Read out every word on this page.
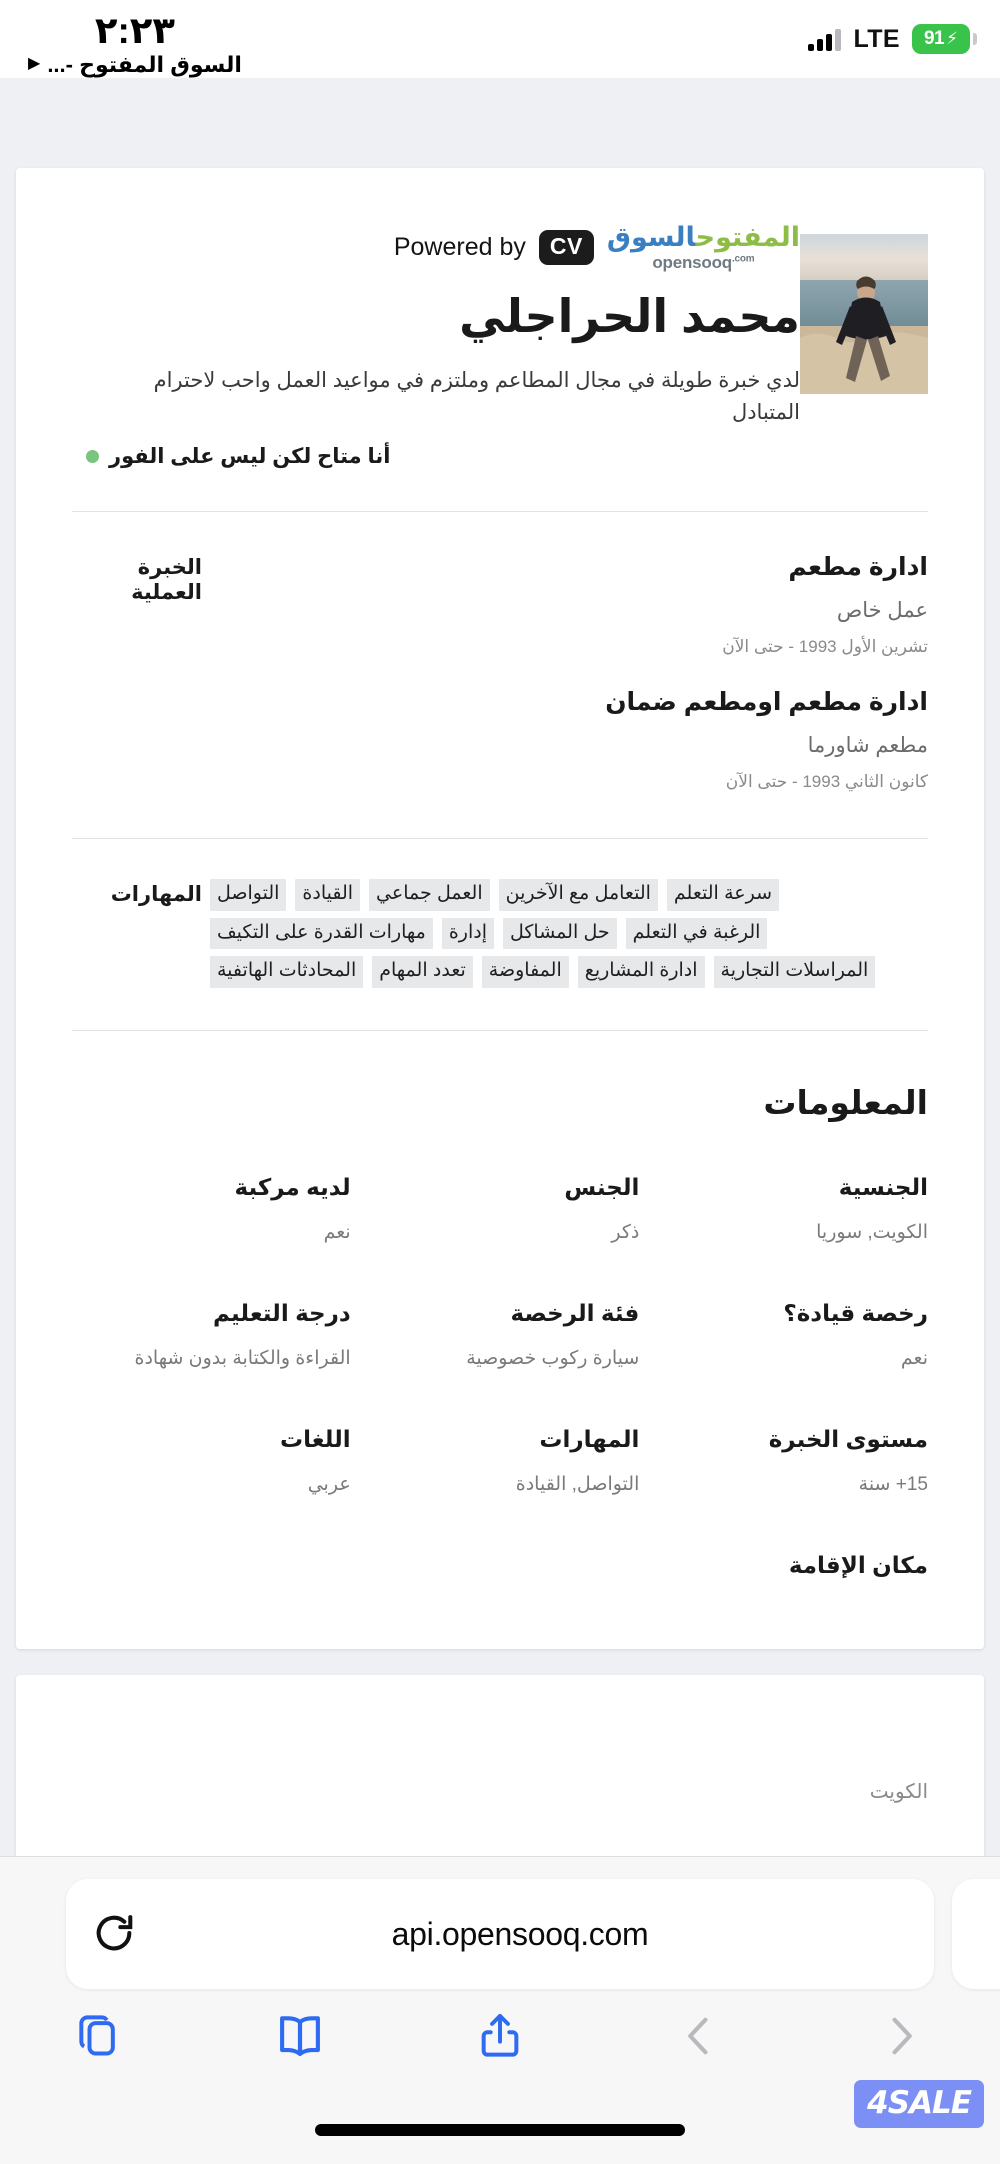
⚡
91
LTE
٢:٢٣
السوق المفتوح -...
▶
Powered by CV	المفتوحالسوق
opensooq$^{.com}$
محمد الحراجلي
لدي خبرة طويلة في مجال المطاعم وملتزم في مواعيد العمل واحب لاحترام المتبادل
أنا متاح لكن ليس على الفور
الخبرة العملية
ادارة مطعم
عمل خاص
تشرين الأول 1993 - حتى الآن
ادارة مطعم اومطعم ضمان
مطعم شاورما
كانون الثاني 1993 - حتى الآن
المهارات	سرعة التعلم
التعامل مع الآخرين
العمل جماعي
القيادة
التواصل
الرغبة في التعلم
حل المشاكل
إدارة
مهارات القدرة على التكيف
المراسلات التجارية
ادارة المشاريع
المفاوضة
تعدد المهام
المحادثات الهاتفية
المعلومات
الجنسية
الكويت, سوريا
الجنس
ذكر
لديه مركبة
نعم
رخصة قيادة؟
نعم
فئة الرخصة
سيارة ركوب خصوصية
درجة التعليم
القراءة والكتابة بدون شهادة
مستوى الخبرة
15+ سنة
المهارات
التواصل, القيادة
اللغات
عربي
مكان الإقامة
الكويت
api.opensooq.com
4SALE
